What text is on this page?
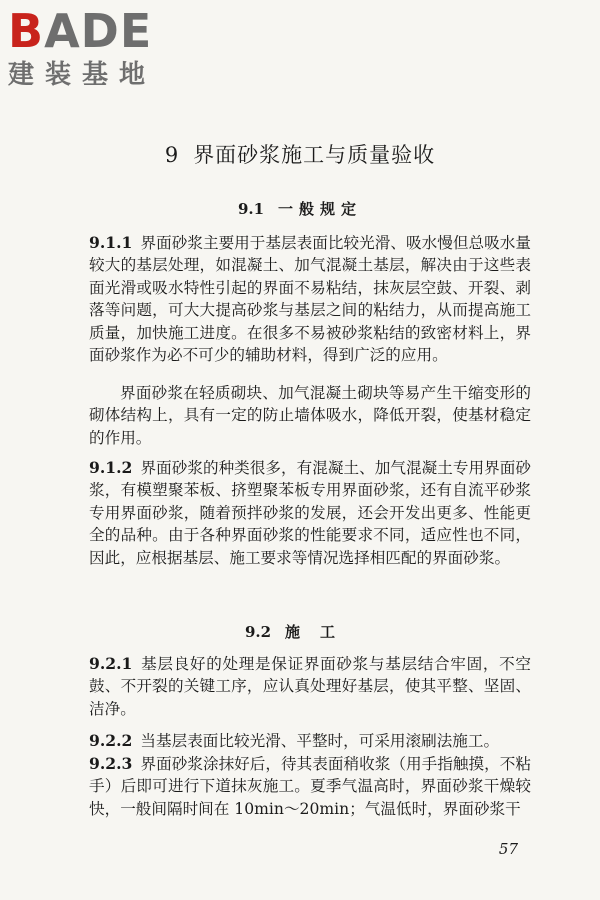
BADE
建装基地
9 界面砂浆施工与质量验收
9.1 一般规定
9.1.1 界面砂浆主要用于基层表面比较光滑、吸水慢但总吸水量较大的基层处理，如混凝土、加气混凝土基层，解决由于这些表面光滑或吸水特性引起的界面不易粘结，抹灰层空鼓、开裂、剥落等问题，可大大提高砂浆与基层之间的粘结力，从而提高施工质量，加快施工进度。在很多不易被砂浆粘结的致密材料上，界面砂浆作为必不可少的辅助材料，得到广泛的应用。
界面砂浆在轻质砌块、加气混凝土砌块等易产生干缩变形的砌体结构上，具有一定的防止墙体吸水，降低开裂，使基材稳定的作用。
9.1.2 界面砂浆的种类很多，有混凝土、加气混凝土专用界面砂浆，有模塑聚苯板、挤塑聚苯板专用界面砂浆，还有自流平砂浆专用界面砂浆，随着预拌砂浆的发展，还会开发出更多、性能更全的品种。由于各种界面砂浆的性能要求不同，适应性也不同，因此，应根据基层、施工要求等情况选择相匹配的界面砂浆。
9.2 施工
9.2.1 基层良好的处理是保证界面砂浆与基层结合牢固，不空鼓、不开裂的关键工序，应认真处理好基层，使其平整、坚固、洁净。
9.2.2 当基层表面比较光滑、平整时，可采用滚刷法施工。
9.2.3 界面砂浆涂抹好后，待其表面稍收浆（用手指触摸，不粘手）后即可进行下道抹灰施工。夏季气温高时，界面砂浆干燥较快，一般间隔时间在 10min～20min；气温低时，界面砂浆干
57
